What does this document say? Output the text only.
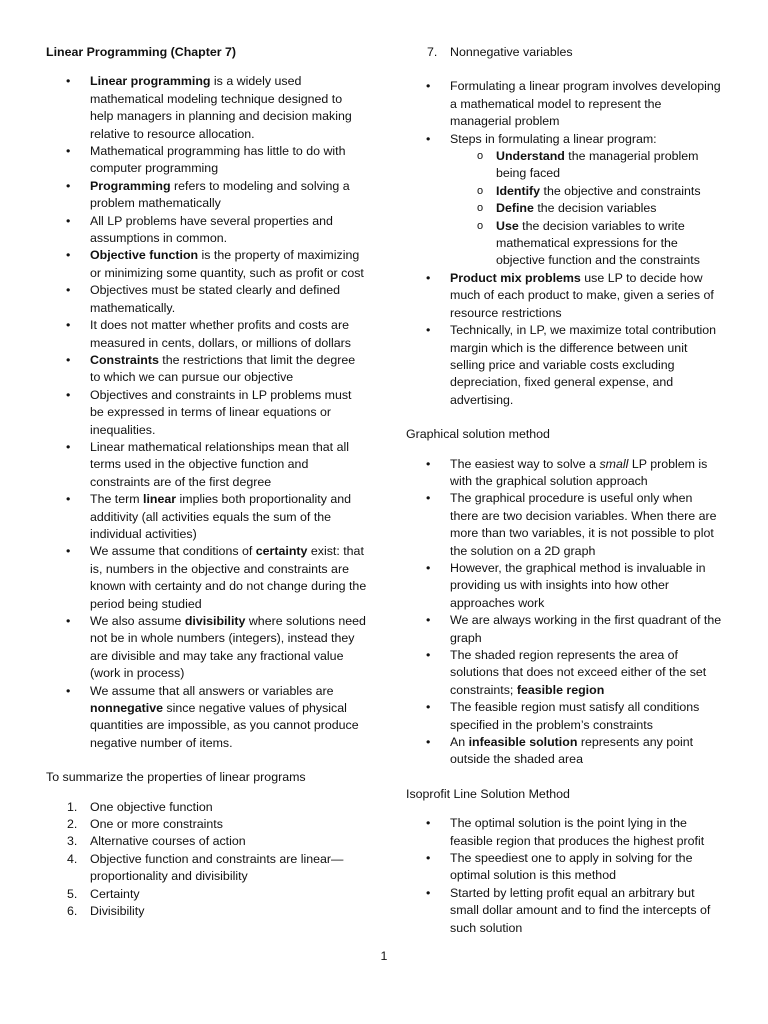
Linear Programming (Chapter 7)
• Linear programming is a widely used mathematical modeling technique designed to help managers in planning and decision making relative to resource allocation.
• Mathematical programming has little to do with computer programming
• Programming refers to modeling and solving a problem mathematically
• All LP problems have several properties and assumptions in common.
• Objective function is the property of maximizing or minimizing some quantity, such as profit or cost
• Objectives must be stated clearly and defined mathematically.
• It does not matter whether profits and costs are measured in cents, dollars, or millions of dollars
• Constraints the restrictions that limit the degree to which we can pursue our objective
• Objectives and constraints in LP problems must be expressed in terms of linear equations or inequalities.
• Linear mathematical relationships mean that all terms used in the objective function and constraints are of the first degree
• The term linear implies both proportionality and additivity (all activities equals the sum of the individual activities)
• We assume that conditions of certainty exist: that is, numbers in the objective and constraints are known with certainty and do not change during the period being studied
• We also assume divisibility where solutions need not be in whole numbers (integers), instead they are divisible and may take any fractional value (work in process)
• We assume that all answers or variables are nonnegative since negative values of physical quantities are impossible, as you cannot produce negative number of items.
To summarize the properties of linear programs
1. One objective function
2. One or more constraints
3. Alternative courses of action
4. Objective function and constraints are linear—proportionality and divisibility
5. Certainty
6. Divisibility
7. Nonnegative variables
• Formulating a linear program involves developing a mathematical model to represent the managerial problem
• Steps in formulating a linear program:
o Understand the managerial problem being faced
o Identify the objective and constraints
o Define the decision variables
o Use the decision variables to write mathematical expressions for the objective function and the constraints
• Product mix problems use LP to decide how much of each product to make, given a series of resource restrictions
• Technically, in LP, we maximize total contribution margin which is the difference between unit selling price and variable costs excluding depreciation, fixed general expense, and advertising.
Graphical solution method
• The easiest way to solve a small LP problem is with the graphical solution approach
• The graphical procedure is useful only when there are two decision variables. When there are more than two variables, it is not possible to plot the solution on a 2D graph
• However, the graphical method is invaluable in providing us with insights into how other approaches work
• We are always working in the first quadrant of the graph
• The shaded region represents the area of solutions that does not exceed either of the set constraints; feasible region
• The feasible region must satisfy all conditions specified in the problem’s constraints
• An infeasible solution represents any point outside the shaded area
Isoprofit Line Solution Method
• The optimal solution is the point lying in the feasible region that produces the highest profit
• The speediest one to apply in solving for the optimal solution is this method
• Started by letting profit equal an arbitrary but small dollar amount and to find the intercepts of such solution
1
